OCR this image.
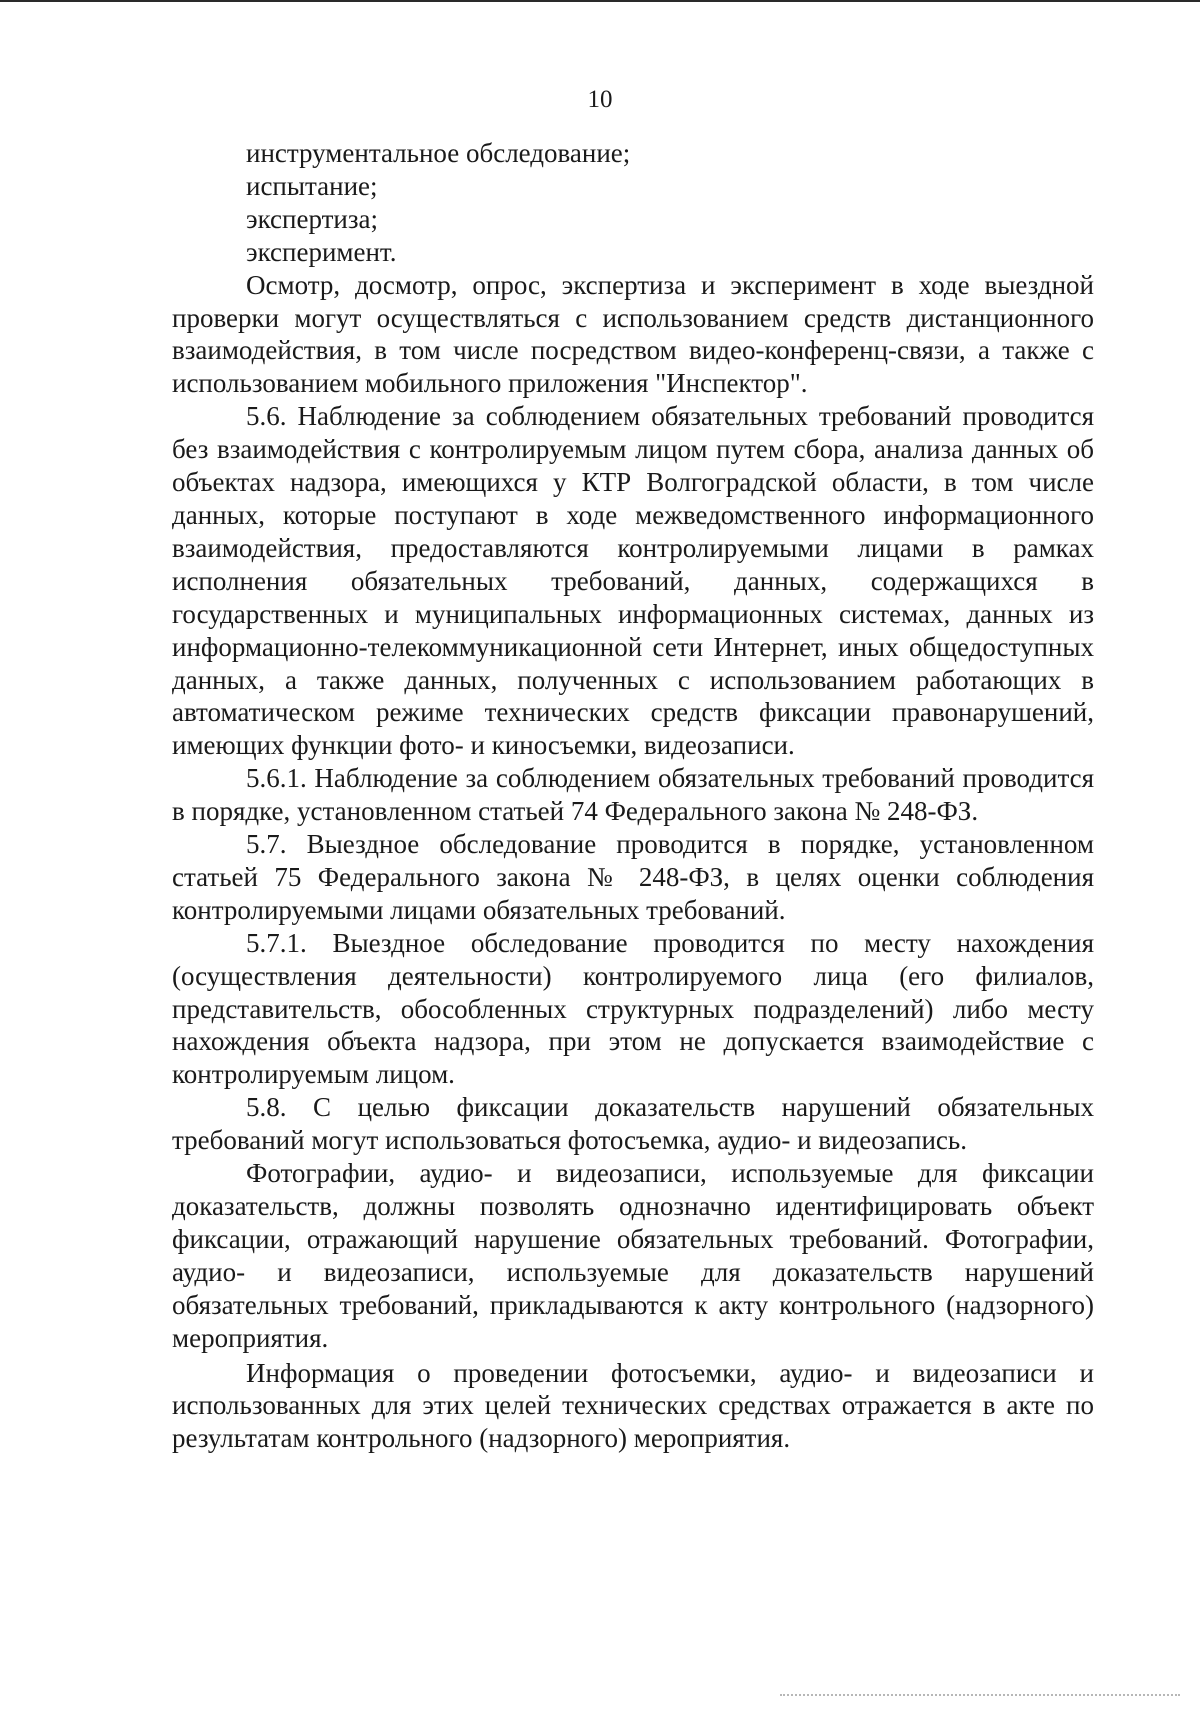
10

инструментальное обследование;

испытание;

экспертиза;

эксперимент.

Осмотр, досмотр, опрос, экспертиза и эксперимент в ходе выездной проверки могут осуществляться с использованием средств дистанционного взаимодействия, в том числе посредством видео-конференц-связи, а также с использованием мобильного приложения "Инспектор".

5.6. Наблюдение за соблюдением обязательных требований проводится без взаимодействия с контролируемым лицом путем сбора, анализа данных об объектах надзора, имеющихся у КТР Волгоградской области, в том числе данных, которые поступают в ходе межведомственного информационного взаимодействия, предоставляются контролируемыми лицами в рамках исполнения обязательных требований, данных, содержащихся в государственных и муниципальных информационных системах, данных из информационно-телекоммуникационной сети Интернет, иных общедоступных данных, а также данных, полученных с использованием работающих в автоматическом режиме технических средств фиксации правонарушений, имеющих функции фото- и киносъемки, видеозаписи.

5.6.1. Наблюдение за соблюдением обязательных требований проводится в порядке, установленном статьей 74 Федерального закона № 248-ФЗ.

5.7. Выездное обследование проводится в порядке, установленном статьей 75 Федерального закона № 248-ФЗ, в целях оценки соблюдения контролируемыми лицами обязательных требований.

5.7.1. Выездное обследование проводится по месту нахождения (осуществления деятельности) контролируемого лица (его филиалов, представительств, обособленных структурных подразделений) либо месту нахождения объекта надзора, при этом не допускается взаимодействие с контролируемым лицом.

5.8. С целью фиксации доказательств нарушений обязательных требований могут использоваться фотосъемка, аудио- и видеозапись.

Фотографии, аудио- и видеозаписи, используемые для фиксации доказательств, должны позволять однозначно идентифицировать объект фиксации, отражающий нарушение обязательных требований. Фотографии, аудио- и видеозаписи, используемые для доказательств нарушений обязательных требований, прикладываются к акту контрольного (надзорного) мероприятия.

Информация о проведении фотосъемки, аудио- и видеозаписи и использованных для этих целей технических средствах отражается в акте по результатам контрольного (надзорного) мероприятия.
